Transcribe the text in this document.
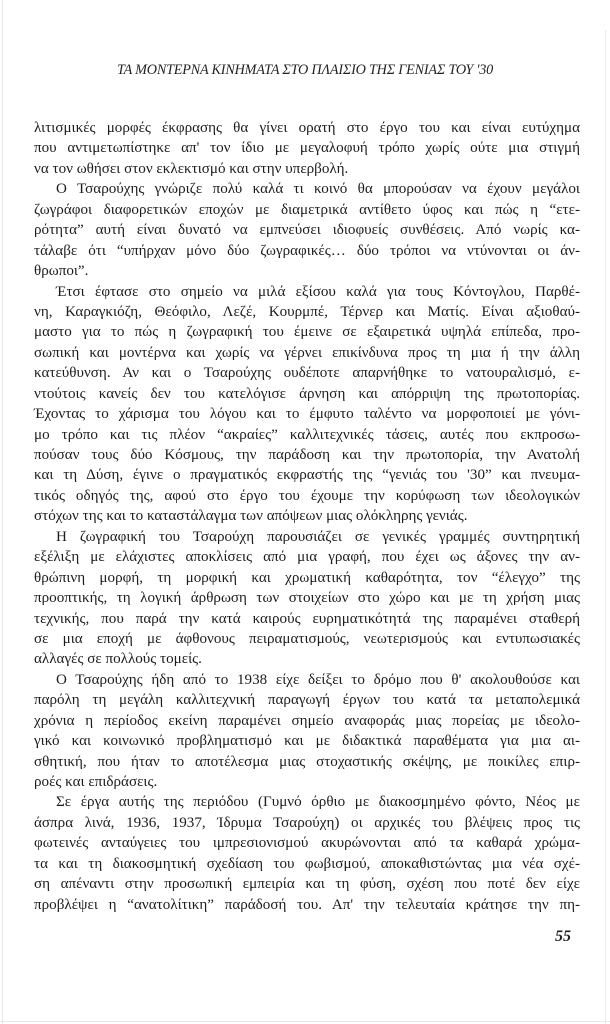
ΤΑ ΜΟΝΤΕΡΝΑ ΚΙΝΗΜΑΤΑ ΣΤΟ ΠΛΑΙΣΙΟ ΤΗΣ ΓΕΝΙΑΣ ΤΟΥ '30
λιτισμικές μορφές έκφρασης θα γίνει ορατή στο έργο του και είναι ευτύχημα
που αντιμετωπίστηκε απ' τον ίδιο με μεγαλοφυή τρόπο χωρίς ούτε μια στιγμή
να τον ωθήσει στον εκλεκτισμό και στην υπερβολή.
Ο Τσαρούχης γνώριζε πολύ καλά τι κοινό θα μπορούσαν να έχουν μεγάλοι
ζωγράφοι διαφορετικών εποχών με διαμετρικά αντίθετο ύφος και πώς η “ετε-
ρότητα” αυτή είναι δυνατό να εμπνεύσει ιδιοφυείς συνθέσεις. Από νωρίς κα-
τάλαβε ότι “υπήρχαν μόνο δύο ζωγραφικές… δύο τρόποι να ντύνονται οι άν-
θρωποι”.
Έτσι έφτασε στο σημείο να μιλά εξίσου καλά για τους Κόντογλου, Παρθέ-
νη, Καραγκιόζη, Θεόφιλο, Λεζέ, Κουρμπέ, Τέρνερ και Ματίς. Είναι αξιοθαύ-
μαστο για το πώς η ζωγραφική του έμεινε σε εξαιρετικά υψηλά επίπεδα, προ-
σωπική και μοντέρνα και χωρίς να γέρνει επικίνδυνα προς τη μια ή την άλλη
κατεύθυνση. Αν και ο Τσαρούχης ουδέποτε απαρνήθηκε το νατουραλισμό, ε-
ντούτοις κανείς δεν του κατελόγισε άρνηση και απόρριψη της πρωτοπορίας.
Έχοντας το χάρισμα του λόγου και το έμφυτο ταλέντο να μορφοποιεί με γόνι-
μο τρόπο και τις πλέον “ακραίες” καλλιτεχνικές τάσεις, αυτές που εκπροσω-
πούσαν τους δύο Κόσμους, την παράδοση και την πρωτοπορία, την Ανατολή
και τη Δύση, έγινε ο πραγματικός εκφραστής της “γενιάς του '30” και πνευμα-
τικός οδηγός της, αφού στο έργο του έχουμε την κορύφωση των ιδεολογικών
στόχων της και το καταστάλαγμα των απόψεων μιας ολόκληρης γενιάς.
Η ζωγραφική του Τσαρούχη παρουσιάζει σε γενικές γραμμές συντηρητική
εξέλιξη με ελάχιστες αποκλίσεις από μια γραφή, που έχει ως άξονες την αν-
θρώπινη μορφή, τη μορφική και χρωματική καθαρότητα, τον “έλεγχο” της
προοπτικής, τη λογική άρθρωση των στοιχείων στο χώρο και με τη χρήση μιας
τεχνικής, που παρά την κατά καιρούς ευρηματικότητά της παραμένει σταθερή
σε μια εποχή με άφθονους πειραματισμούς, νεωτερισμούς και εντυπωσιακές
αλλαγές σε πολλούς τομείς.
Ο Τσαρούχης ήδη από το 1938 είχε δείξει το δρόμο που θ' ακολουθούσε και
παρόλη τη μεγάλη καλλιτεχνική παραγωγή έργων του κατά τα μεταπολεμικά
χρόνια η περίοδος εκείνη παραμένει σημείο αναφοράς μιας πορείας με ιδεολο-
γικό και κοινωνικό προβληματισμό και με διδακτικά παραθέματα για μια αι-
σθητική, που ήταν το αποτέλεσμα μιας στοχαστικής σκέψης, με ποικίλες επιρ-
ροές και επιδράσεις.
Σε έργα αυτής της περιόδου (Γυμνό όρθιο με διακοσμημένο φόντο, Νέος με
άσπρα λινά, 1936, 1937, Ίδρυμα Τσαρούχη) οι αρχικές του βλέψεις προς τις
φωτεινές ανταύγειες του ιμπρεσιονισμού ακυρώνονται από τα καθαρά χρώμα-
τα και τη διακοσμητική σχεδίαση του φωβισμού, αποκαθιστώντας μια νέα σχέ-
ση απέναντι στην προσωπική εμπειρία και τη φύση, σχέση που ποτέ δεν είχε
προβλέψει η “ανατολίτικη” παράδοσή του. Απ' την τελευταία κράτησε την πη-
55
